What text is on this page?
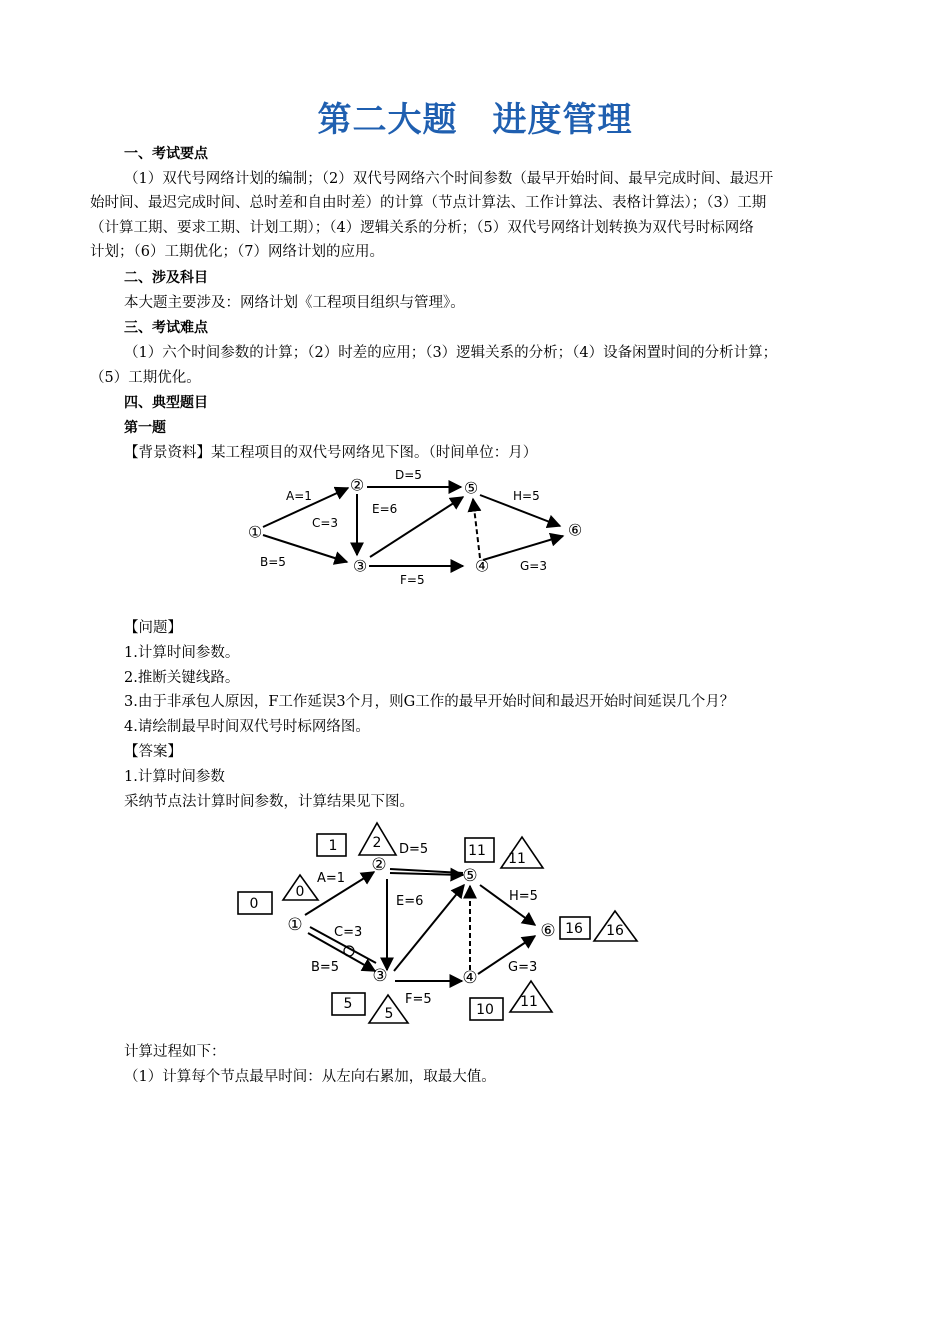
第二大题　进度管理
一、考试要点
（1）双代号网络计划的编制；（2）双代号网络六个时间参数（最早开始时间、最早完成时间、最迟开
始时间、最迟完成时间、总时差和自由时差）的计算（节点计算法、工作计算法、表格计算法）；（3）工期
（计算工期、要求工期、计划工期）；（4）逻辑关系的分析；（5）双代号网络计划转换为双代号时标网络
计划；（6）工期优化；（7）网络计划的应用。
二、涉及科目
本大题主要涉及：网络计划《工程项目组织与管理》。
三、考试难点
（1）六个时间参数的计算；（2）时差的应用；（3）逻辑关系的分析；（4）设备闲置时间的分析计算；
（5）工期优化。
四、典型题目
第一题
【背景资料】某工程项目的双代号网络见下图。（时间单位：月）
①
②
③	④
⑤
⑥
A=1
B=5
C=3
D=5
E=6
F=5
G=3
H=5
【问题】
1.计算时间参数。
2.推断关键线路。
3.由于非承包人原因，F工作延误3个月，则G工作的最早开始时间和最迟开始时间延误几个月？
4.请绘制最早时间双代号时标网络图。
【答案】
1.计算时间参数
采纳节点法计算时间参数，计算结果见下图。
①
②
③	④
⑤
⑥
A=1
B=5
C=3
D=5
E=6
F=5
G=3
H=5
0
1
5	10
11
16
0
2
5
11
11
16
计算过程如下：
（1）计算每个节点最早时间：从左向右累加，取最大值。
